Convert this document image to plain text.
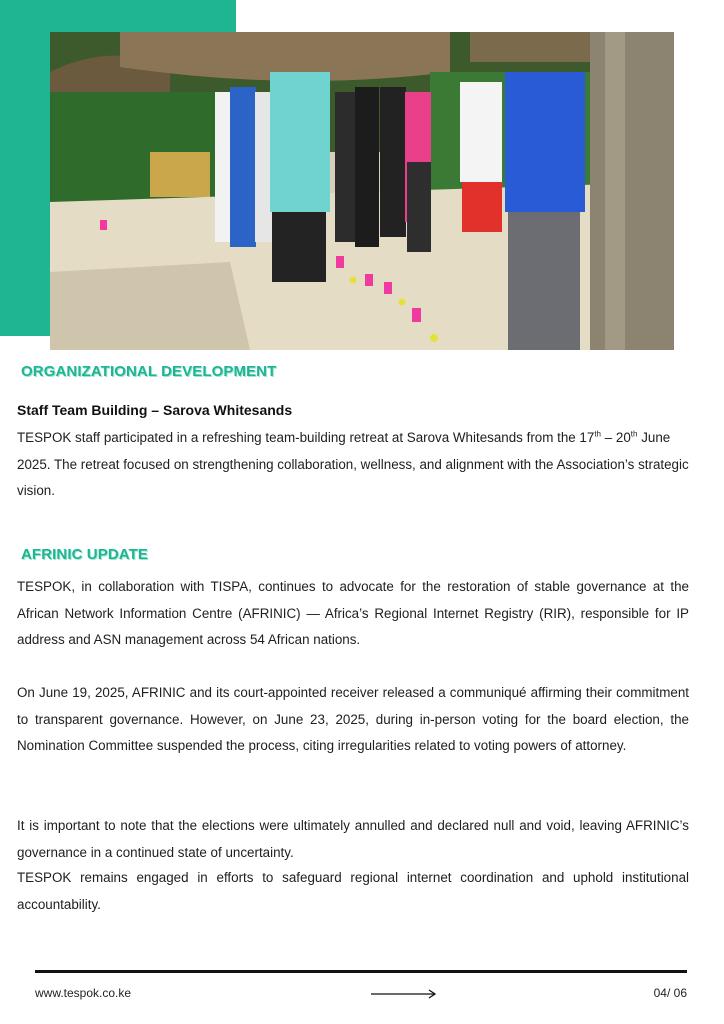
ORGANIZATIONAL DEVELOPMENT
Staff Team Building – Sarova Whitesands

TESPOK staff participated in a refreshing team-building retreat at Sarova Whitesands from the 17th – 20th June 2025. The retreat focused on strengthening collaboration, wellness, and alignment with the Association’s strategic vision.

AFRINIC UPDATE

TESPOK, in collaboration with TISPA, continues to advocate for the restoration of stable governance at the African Network Information Centre (AFRINIC) — Africa’s Regional Internet Registry (RIR), responsible for IP address and ASN management across 54 African nations.

On June 19, 2025, AFRINIC and its court-appointed receiver released a communiqué affirming their commitment to transparent governance. However, on June 23, 2025, during in-person voting for the board election, the Nomination Committee suspended the process, citing irregularities related to voting powers of attorney.

It is important to note that the elections were ultimately annulled and declared null and void, leaving AFRINIC’s governance in a continued state of uncertainty.

TESPOK remains engaged in efforts to safeguard regional internet coordination and uphold institutional accountability.

www.tespok.co.ke	04/ 06
